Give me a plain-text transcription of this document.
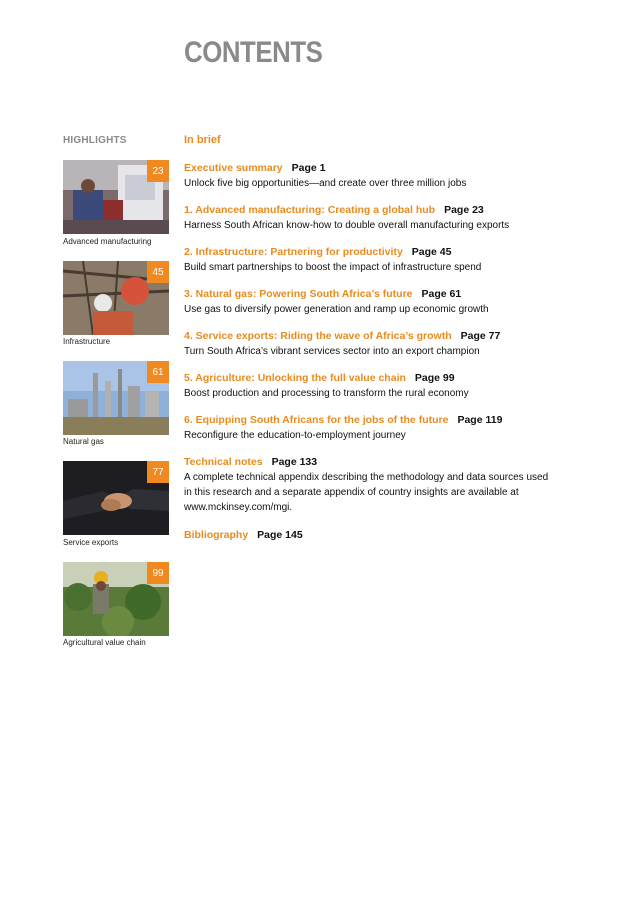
CONTENTS
HIGHLIGHTS	In brief
23
Advanced manufacturing
45
Infrastructure
61
Natural gas
77
Service exports
99
Agricultural value chain
Executive summary Page 1
Unlock five big opportunities—and create over three million jobs
1. Advanced manufacturing: Creating a global hub Page 23
Harness South African know-how to double overall manufacturing exports
2. Infrastructure: Partnering for productivity Page 45
Build smart partnerships to boost the impact of infrastructure spend
3. Natural gas: Powering South Africa’s future Page 61
Use gas to diversify power generation and ramp up economic growth
4. Service exports: Riding the wave of Africa’s growth Page 77
Turn South Africa’s vibrant services sector into an export champion
5. Agriculture: Unlocking the full value chain Page 99
Boost production and processing to transform the rural economy
6. Equipping South Africans for the jobs of the future Page 119
Reconfigure the education-to-employment journey
Technical notes Page 133
A complete technical appendix describing the methodology and data sources used in this research and a separate appendix of country insights are available at www.mckinsey.com/mgi.
Bibliography Page 145
